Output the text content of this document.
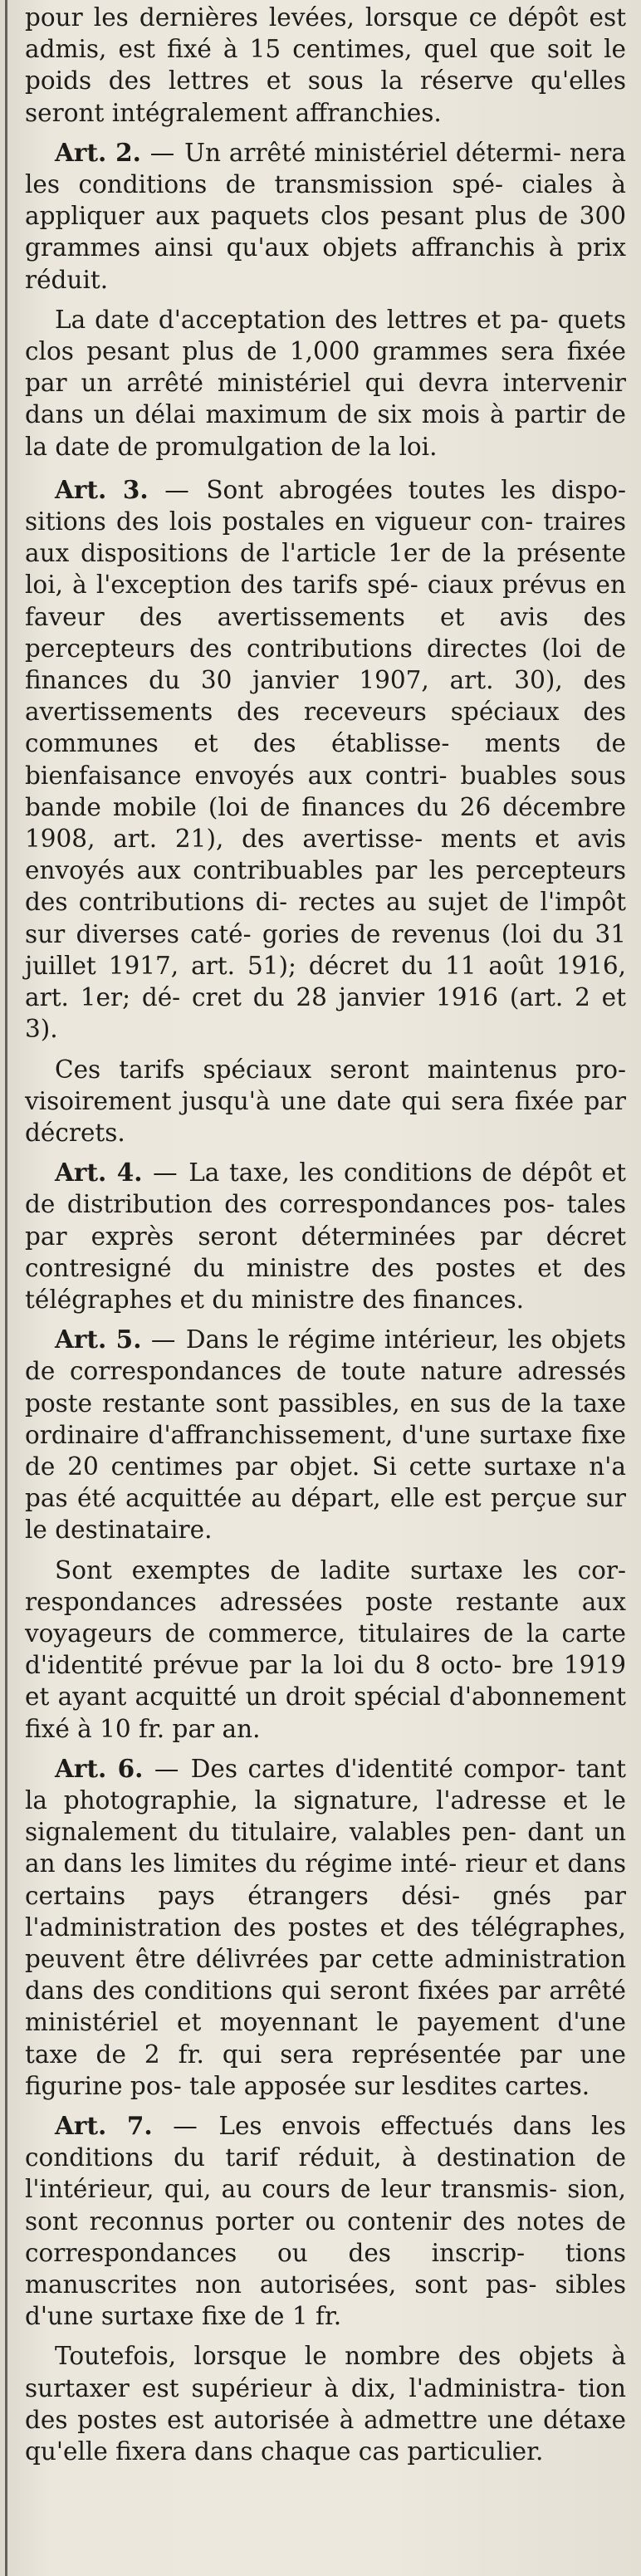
pour les dernières levées, lorsque ce dépôt est admis, est fixé à 15 centimes, quel que soit le poids des lettres et sous la réserve qu'elles seront intégralement affranchies.

Art. 2. — Un arrêté ministériel détermi- nera les conditions de transmission spé- ciales à appliquer aux paquets clos pesant plus de 300 grammes ainsi qu'aux objets affranchis à prix réduit.

La date d'acceptation des lettres et pa- quets clos pesant plus de 1,000 grammes sera fixée par un arrêté ministériel qui devra intervenir dans un délai maximum de six mois à partir de la date de promulgation de la loi.

Art. 3. — Sont abrogées toutes les dispo- sitions des lois postales en vigueur con- traires aux dispositions de l'article 1er de la présente loi, à l'exception des tarifs spé- ciaux prévus en faveur des avertissements et avis des percepteurs des contributions directes (loi de finances du 30 janvier 1907, art. 30), des avertissements des receveurs spéciaux des communes et des établisse- ments de bienfaisance envoyés aux contri- buables sous bande mobile (loi de finances du 26 décembre 1908, art. 21), des avertisse- ments et avis envoyés aux contribuables par les percepteurs des contributions di- rectes au sujet de l'impôt sur diverses caté- gories de revenus (loi du 31 juillet 1917, art. 51); décret du 11 août 1916, art. 1er; dé- cret du 28 janvier 1916 (art. 2 et 3).

Ces tarifs spéciaux seront maintenus pro- visoirement jusqu'à une date qui sera fixée par décrets.

Art. 4. — La taxe, les conditions de dépôt et de distribution des correspondances pos- tales par exprès seront déterminées par décret contresigné du ministre des postes et des télégraphes et du ministre des finances.

Art. 5. — Dans le régime intérieur, les objets de correspondances de toute nature adressés poste restante sont passibles, en sus de la taxe ordinaire d'affranchissement, d'une surtaxe fixe de 20 centimes par objet. Si cette surtaxe n'a pas été acquittée au départ, elle est perçue sur le destinataire.

Sont exemptes de ladite surtaxe les cor- respondances adressées poste restante aux voyageurs de commerce, titulaires de la carte d'identité prévue par la loi du 8 octo- bre 1919 et ayant acquitté un droit spécial d'abonnement fixé à 10 fr. par an.

Art. 6. — Des cartes d'identité compor- tant la photographie, la signature, l'adresse et le signalement du titulaire, valables pen- dant un an dans les limites du régime inté- rieur et dans certains pays étrangers dési- gnés par l'administration des postes et des télégraphes, peuvent être délivrées par cette administration dans des conditions qui seront fixées par arrêté ministériel et moyennant le payement d'une taxe de 2 fr. qui sera représentée par une figurine pos- tale apposée sur lesdites cartes.

Art. 7. — Les envois effectués dans les conditions du tarif réduit, à destination de l'intérieur, qui, au cours de leur transmis- sion, sont reconnus porter ou contenir des notes de correspondances ou des inscrip- tions manuscrites non autorisées, sont pas- sibles d'une surtaxe fixe de 1 fr.

Toutefois, lorsque le nombre des objets à surtaxer est supérieur à dix, l'administra- tion des postes est autorisée à admettre une détaxe qu'elle fixera dans chaque cas particulier.
